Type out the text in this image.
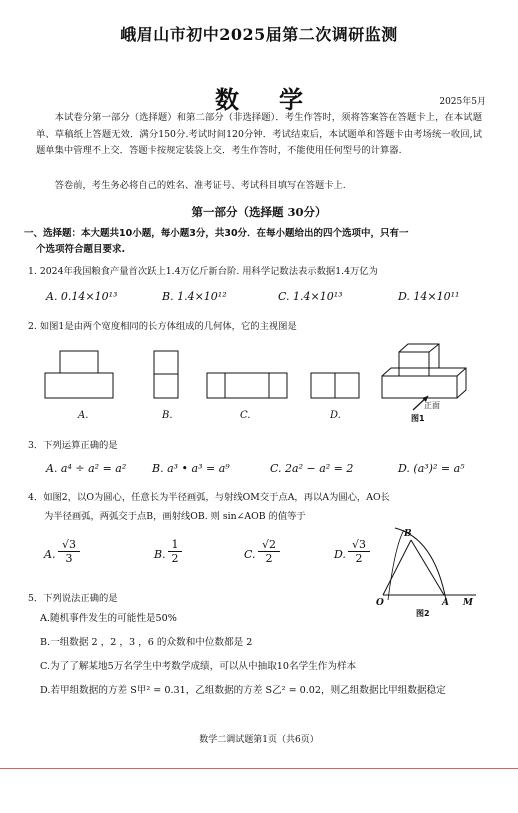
峨眉山市初中2025届第二次调研监测
数学	2025年5月
本试卷分第一部分（选择题）和第二部分（非选择题）．考生作答时，须将答案答在答题卡上，在本试题单、草稿纸上答题无效．满分150分.考试时间120分钟．考试结束后，本试题单和答题卡由考场统一收回,试题单集中管理不上交．答题卡按规定装袋上交．考生作答时，不能使用任何型号的计算器.
答卷前，考生务必将自己的姓名、准考证号、考试科目填写在答题卡上.
第一部分（选择题 30分）
一、选择题：本大题共10小题，每小题3分，共30分．在每小题给出的四个选项中，只有一
个选项符合题目要求.
1. 2024年我国粮食产量首次跃上1.4万亿斤新台阶. 用科学记数法表示数据1.4万亿为
A. 0.14×10¹³	B. 1.4×10¹²	C. 1.4×10¹³	D. 14×10¹¹
2. 如图1是由两个宽度相同的长方体组成的几何体，它的主视图是
A.	B.	C.	D.
正面
图1
3．下列运算正确的是
A. a⁴ ÷ a² = a² B. a³ • a³ = a⁹	C. 2a² − a² = 2	D. (a³)² = a⁵
4．如图2，以O为圆心，任意长为半径画弧，与射线OM交于点A，再以A为圆心，AO长
为半径画弧，两弧交于点B，画射线OB. 则 sin∠AOB 的值等于
A. $\frac{√3}{3}$	B. $\frac{1}{2}$	C. $\frac{√2}{2}$	D. $\frac{√3}{2}$
B
O	A M
图2
5．下列说法正确的是
A.随机事件发生的可能性是50%
B.一组数据 2 ，2 ，3 ，6 的众数和中位数都是 2
C.为了了解某地5万名学生中考数学成绩，可以从中抽取10名学生作为样本
D.若甲组数据的方差 S甲² = 0.31，乙组数据的方差 S乙² = 0.02，则乙组数据比甲组数据稳定
数学二调试题第1页（共6页）
